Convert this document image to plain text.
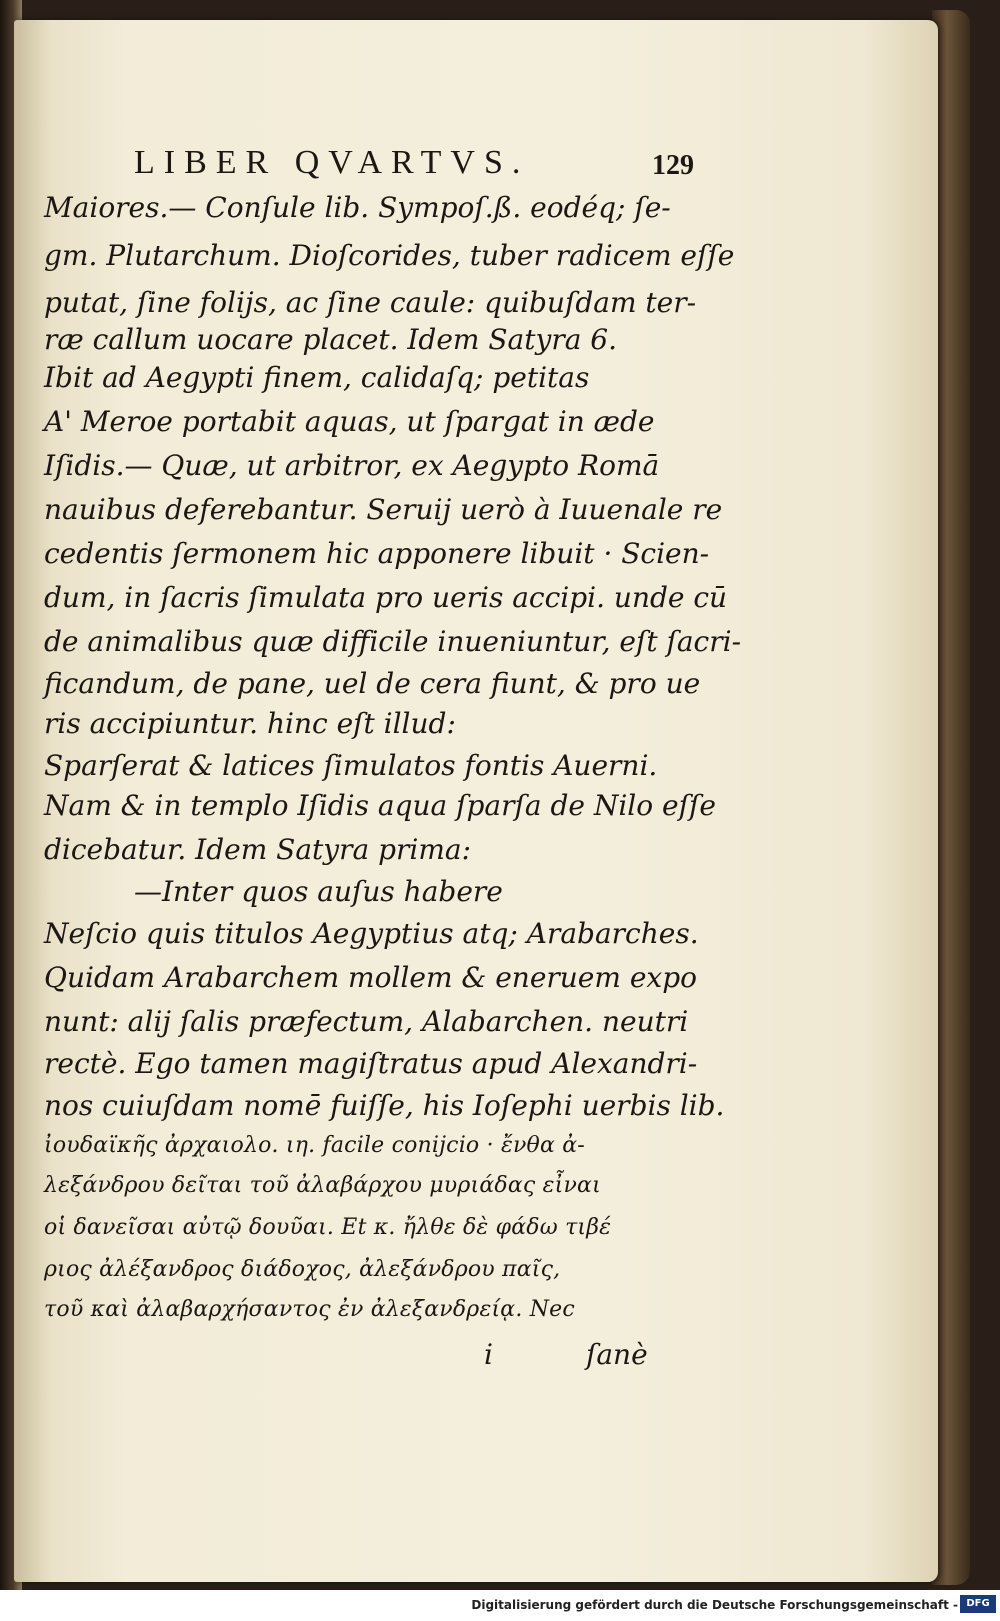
LIBER QVARTVS.	129
Maiores.— Conſule lib. Sympoſ.ß. eodéq; ſe-
gm. Plutarchum. Dioſcorides, tuber radicem eſſe
putat, ſine folijs, ac ſine caule: quibuſdam ter-
ræ callum uocare placet. Idem Satyra 6.
Ibit ad Aegypti finem, calidaſq; petitas
A' Meroe portabit aquas, ut ſpargat in æde
Iſidis.— Quæ, ut arbitror, ex Aegypto Romā
nauibus deferebantur. Seruij uerò à Iuuenale re
cedentis ſermonem hic apponere libuit · Scien-
dum, in ſacris ſimulata pro ueris accipi. unde cū
de animalibus quæ difficile inueniuntur, eſt ſacri-
ficandum, de pane, uel de cera fiunt, & pro ue
ris accipiuntur. hinc eſt illud:
Sparſerat & latices ſimulatos fontis Auerni.
Nam & in templo Iſidis aqua ſparſa de Nilo eſſe
dicebatur. Idem Satyra prima:
—Inter quos auſus habere
Neſcio quis titulos Aegyptius atq; Arabarches.
Quidam Arabarchem mollem & eneruem expo
nunt: alij ſalis præfectum, Alabarchen. neutri
rectè. Ego tamen magiſtratus apud Alexandri-
nos cuiuſdam nomē fuiſſe, his Ioſephi uerbis lib.
ἰουδαϊκῆς ἀρχαιολο. ιη. facile conijcio · ἔνθα ἀ-
λεξάνδρου δεῖται τοῦ ἀλαβάρχου μυριάδας εἶναι
οἱ δανεῖσαι αὐτῷ δουῦαι. Et κ. ἤλθε δὲ φάδω τιβέ
ριος ἀλέξανδρος διάδοχος, ἀλεξάνδρου παῖς,
τοῦ καὶ ἀλαβαρχήσαντος ἐν ἀλεξανδρείᾳ. Nec
i	ſanè
Digitalisierung gefördert durch die Deutsche Forschungsgemeinschaft - DFG
